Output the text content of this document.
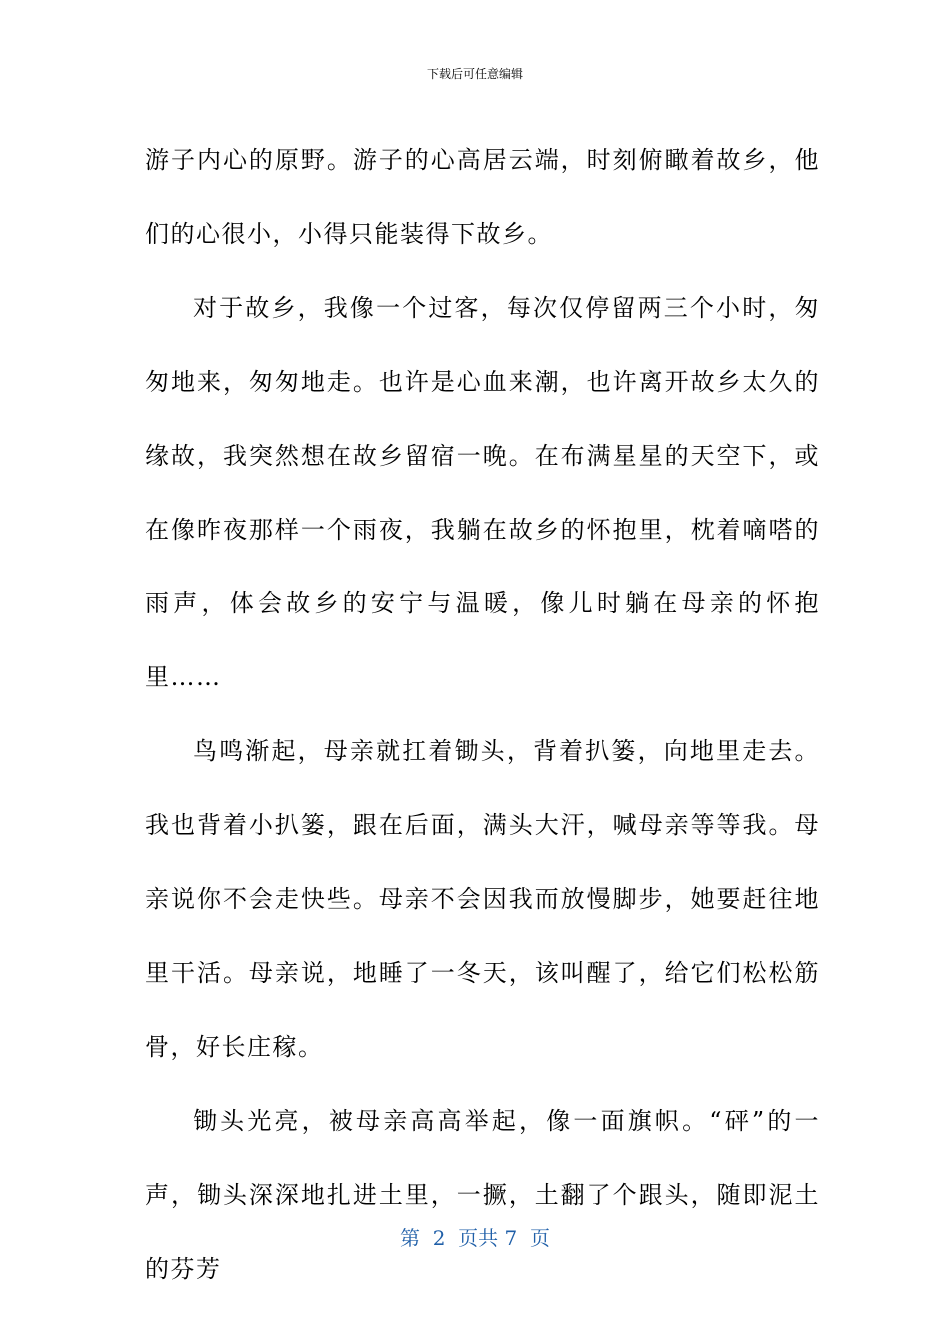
下载后可任意编辑

游子内心的原野。游子的心高居云端，时刻俯瞰着故乡，他们的心很小，小得只能装得下故乡。

对于故乡，我像一个过客，每次仅停留两三个小时，匆匆地来，匆匆地走。也许是心血来潮，也许离开故乡太久的缘故，我突然想在故乡留宿一晚。在布满星星的天空下，或在像昨夜那样一个雨夜，我躺在故乡的怀抱里，枕着嘀嗒的雨声，体会故乡的安宁与温暖，像儿时躺在母亲的怀抱里……

鸟鸣渐起，母亲就扛着锄头，背着扒篓，向地里走去。我也背着小扒篓，跟在后面，满头大汗，喊母亲等等我。母亲说你不会走快些。母亲不会因我而放慢脚步，她要赶往地里干活。母亲说，地睡了一冬天，该叫醒了，给它们松松筋骨，好长庄稼。

锄头光亮，被母亲高高举起，像一面旗帜。“砰”的一声，锄头深深地扎进土里，一撅，土翻了个跟头，随即泥土的芬芳

第  2  页共 7  页
